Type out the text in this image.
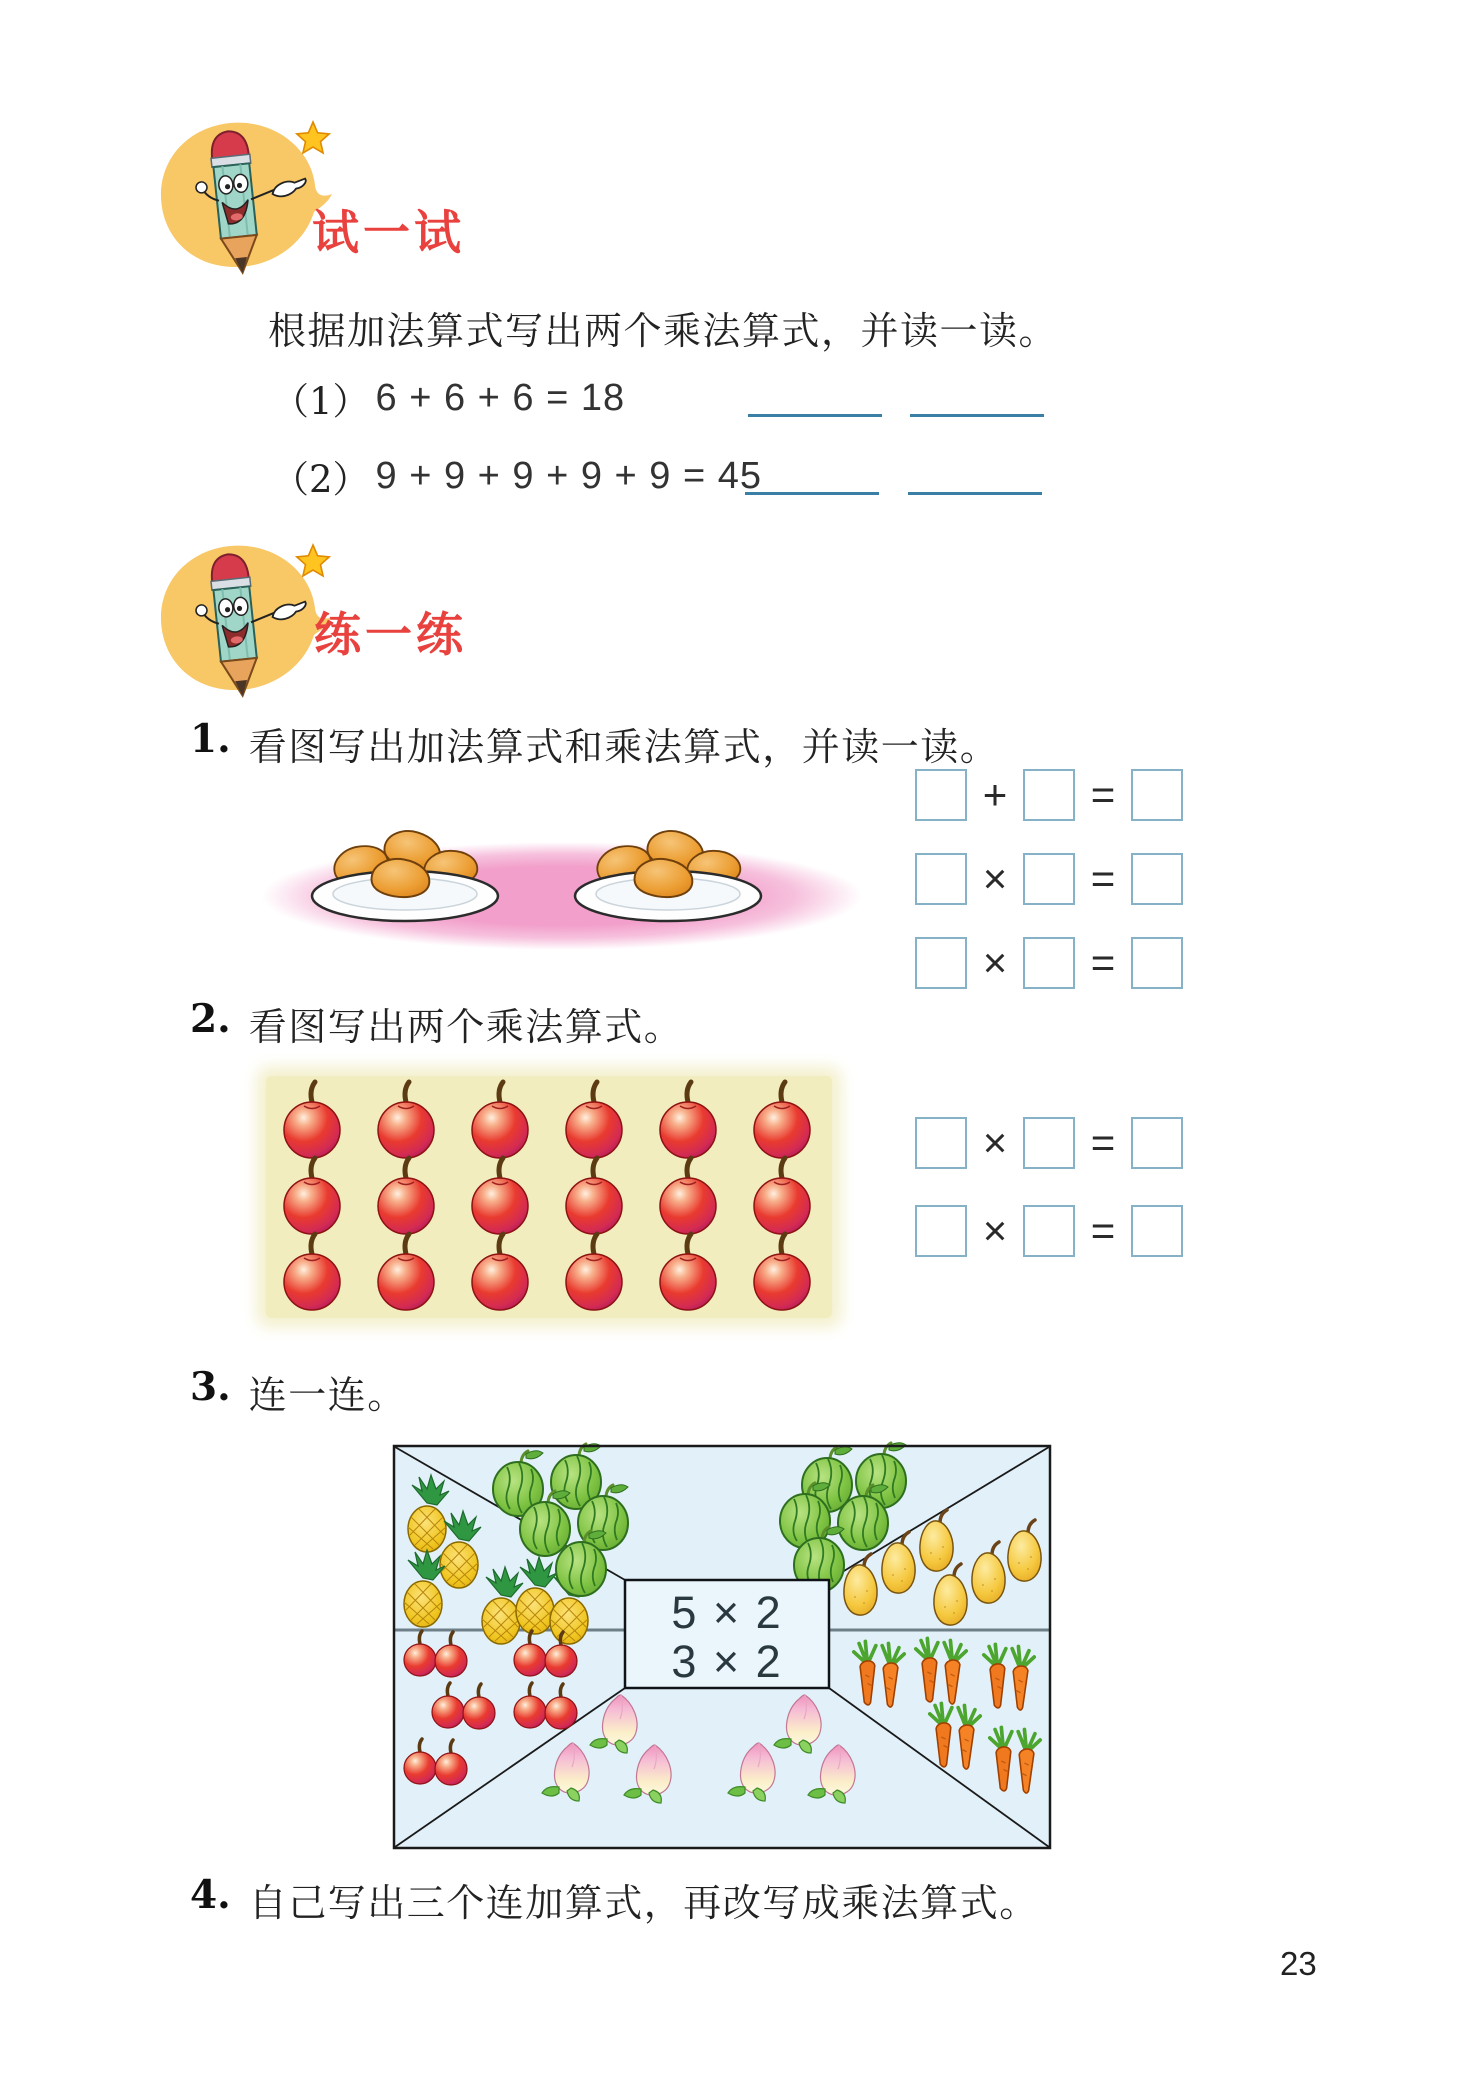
试一试
根据加法算式写出两个乘法算式，并读一读。
（1） 6 + 6 + 6 = 18
（2） 9 + 9 + 9 + 9 + 9 = 45
练一练
1. 看图写出加法算式和乘法算式，并读一读。
+ =
× =
× =
2. 看图写出两个乘法算式。
× =
× =
3. 连一连。
5 × 2
3 × 2
4. 自己写出三个连加算式，再改写成乘法算式。
23
